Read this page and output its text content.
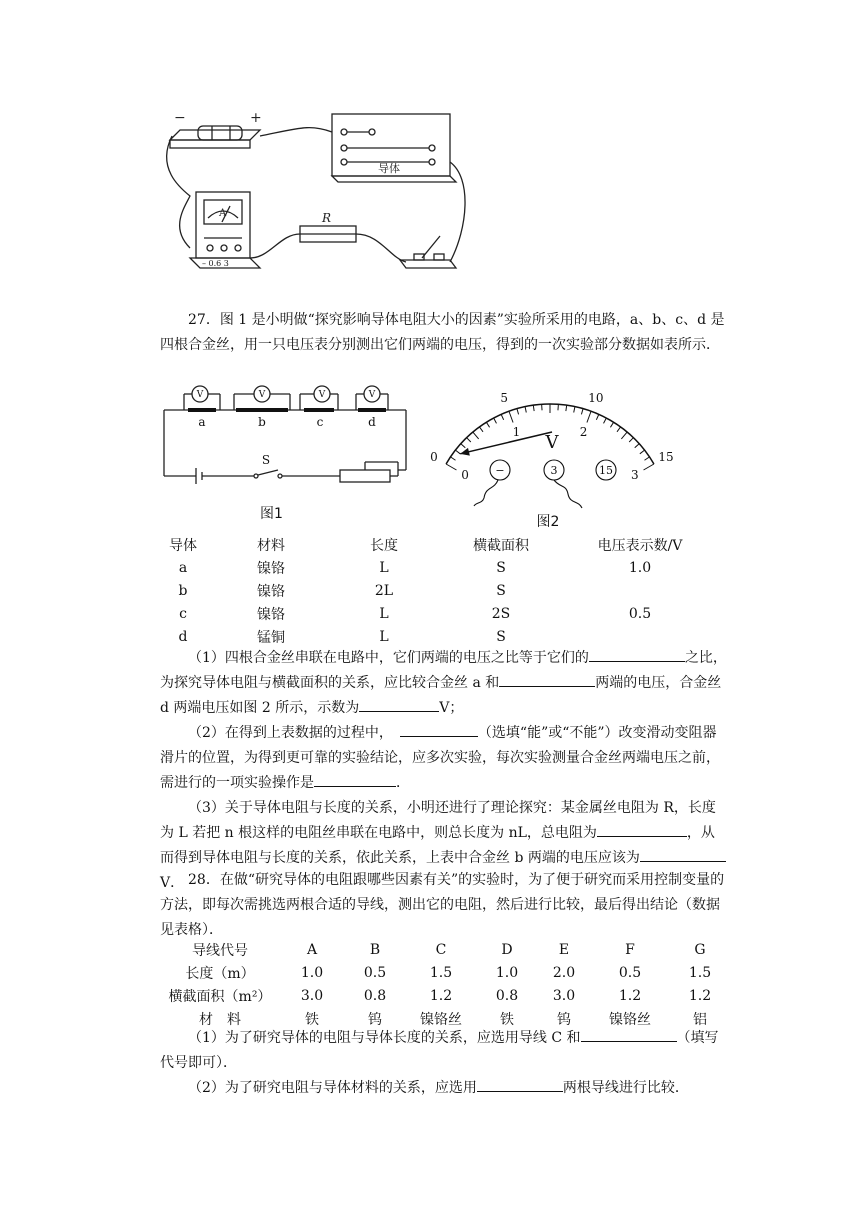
−	+
导体
R
A
– 0.6 3
27．图 1 是小明做“探究影响导体电阻大小的因素”实验所采用的电路，a、b、c、d 是四根合金丝，用一只电压表分别测出它们两端的电压，得到的一次实验部分数据如表所示．
V	V	V	V
a	b	c	d
S
图1
0
5	10
15
0
1	2
3
V
−	3	15
图2
导体	材料	长度	横截面积	电压表示数/V
a	镍铬	L	S	1.0
b	镍铬	2L	S	
c	镍铬	L	2S	0.5
d	锰铜	L	S	
（1）四根合金丝串联在电路中，它们两端的电压之比等于它们的	之比，为探究导体电阻与横截面积的关系，应比较合金丝 a 和	两端的电压，合金丝 d 两端电压如图 2 所示，示数为	V；
（2）在得到上表数据的过程中，　	（选填“能”或“不能”）改变滑动变阻器滑片的位置，为得到更可靠的实验结论，应多次实验，每次实验测量合金丝两端电压之前，需进行的一项实验操作是	．
（3）关于导体电阻与长度的关系，小明还进行了理论探究：某金属丝电阻为 R，长度为 L 若把 n 根这样的电阻丝串联在电路中，则总长度为 nL，总电阻为	，从而得到导体电阻与长度的关系，依此关系，上表中合金丝 b 两端的电压应该为V． 28．在做“研究导体的电阻跟哪些因素有关”的实验时，为了便于研究而采用控制变量的方法，即每次需挑选两根合适的导线，测出它的电阻，然后进行比较，最后得出结论（数据见表格）．
导线代号	A	B	C	D	E	F	G
长度（m）	1.0	0.5	1.5	1.0	2.0	0.5	1.5
横截面积（m²）	3.0	0.8	1.2	0.8	3.0	1.2	1.2
材　料	铁	钨	镍铬丝	铁	钨	镍铬丝	铝
（1）为了研究导体的电阻与导体长度的关系，应选用导线 C 和	（填写代号即可）．
（2）为了研究电阻与导体材料的关系，应选用	两根导线进行比较．
